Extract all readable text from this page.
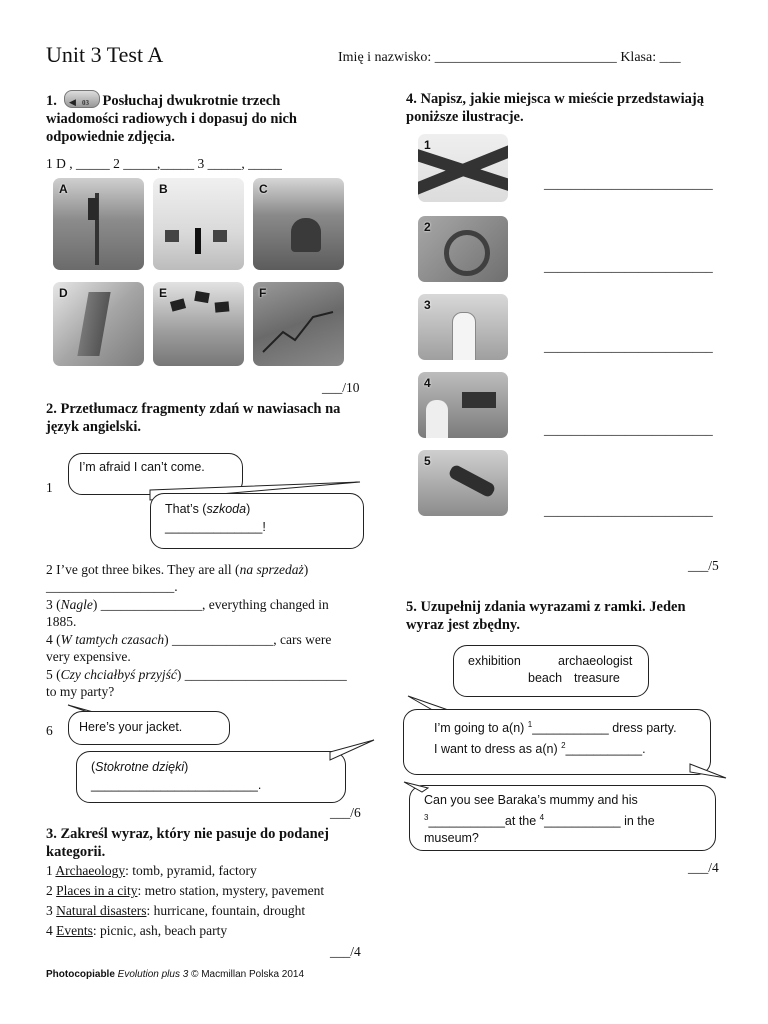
Unit 3 Test A	Imię i nazwisko: __________________________ Klasa: ___
1. ◀ 03 Posłuchaj dwukrotnie trzech wiadomości radiowych i dopasuj do nich odpowiednie zdjęcia.
1 D , _____ 2 _____,_____ 3 _____, _____
A	B	C
D	E	F
___/10
2. Przetłumacz fragmenty zdań w nawiasach na język angielski.
1
I’m afraid I can’t come.
That’s (szkoda)
______________!
2 I’ve got three bikes. They are all (na sprzedaż) ___________________.
3 (Nagle) _______________, everything changed in 1885.
4 (W tamtych czasach) _______________, cars were very expensive.
5 (Czy chciałbyś przyjść) ________________________ to my party?
6	Here’s your jacket.
(Stokrotne dzięki)
________________________.
___/6
3. Zakreśl wyraz, który nie pasuje do podanej kategorii.
1 Archaeology: tomb, pyramid, factory
2 Places in a city: metro station, mystery, pavement
3 Natural disasters: hurricane, fountain, drought
4 Events: picnic, ash, beach party
___/4
Photocopiable Evolution plus 3 © Macmillan Polska 2014
4. Napisz, jakie miejsca w mieście przedstawiają poniższe ilustracje.
1
2
3
4
5
_________________________
_________________________
_________________________
_________________________
_________________________
___/5
5. Uzupełnij zdania wyrazami z ramki. Jeden wyraz jest zbędny.
exhibition	archaeologist
beach treasure
I’m going to a(n) $^1$___________ dress party.
I want to dress as a(n) $^2$___________.
Can you see Baraka’s mummy and his
$^3$___________at the $^4$___________ in the
museum?
___/4
